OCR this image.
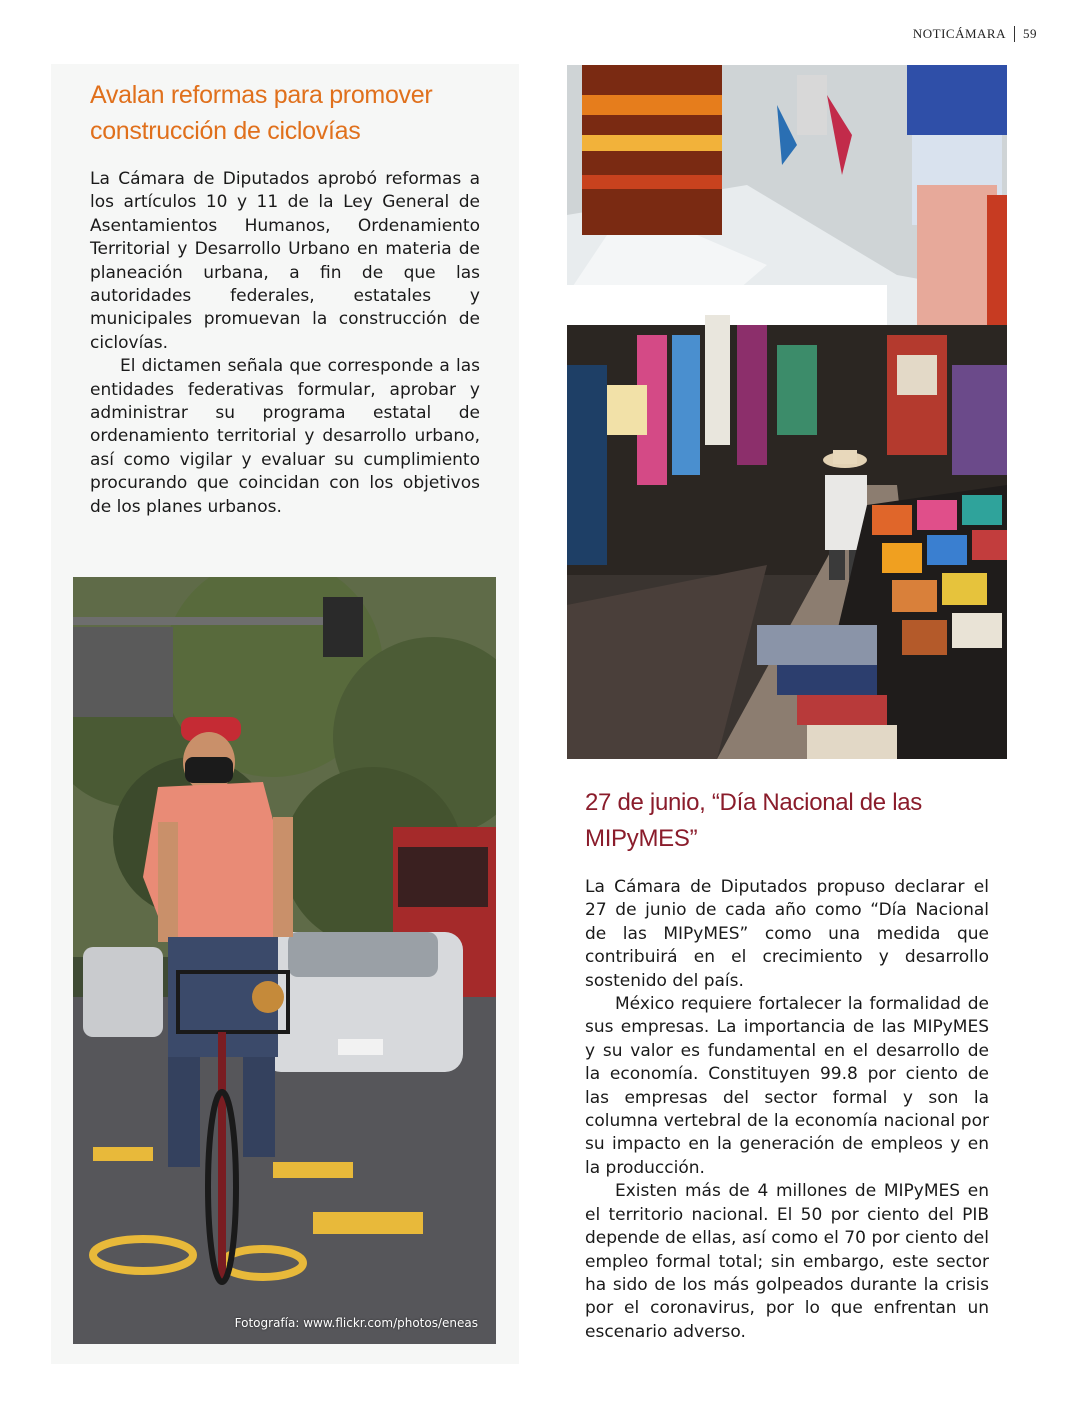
NOTICÁMARA 59
Avalan reformas para promover construcción de ciclovías

La Cámara de Diputados aprobó reformas a los artículos 10 y 11 de la Ley General de Asentamientos Humanos, Ordenamiento Territorial y Desarrollo Urbano en materia de planeación urbana, a fin de que las autoridades federales, estatales y municipales promuevan la construcción de ciclovías.

El dictamen señala que corresponde a las entidades federativas formular, aprobar y administrar su programa estatal de ordenamiento territorial y desarrollo urbano, así como vigilar y evaluar su cumplimiento procurando que coincidan con los objetivos de los planes urbanos.

Fotografía: www.flickr.com/photos/eneas
27 de junio, “Día Nacional de las MIPyMES”

La Cámara de Diputados propuso declarar el 27 de junio de cada año como “Día Nacional de las MIPyMES” como una medida que contribuirá en el crecimiento y desarrollo sostenido del país.

México requiere fortalecer la formalidad de sus empresas. La importancia de las MIPyMES y su valor es fundamental en el desarrollo de la economía. Constituyen 99.8 por ciento de las empresas del sector formal y son la columna vertebral de la economía nacional por su impacto en la generación de empleos y en la producción.

Existen más de 4 millones de MIPyMES en el territorio nacional. El 50 por ciento del PIB depende de ellas, así como el 70 por ciento del empleo formal total; sin embargo, este sector ha sido de los más golpeados durante la crisis por el coronavirus, por lo que enfrentan un escenario adverso.
